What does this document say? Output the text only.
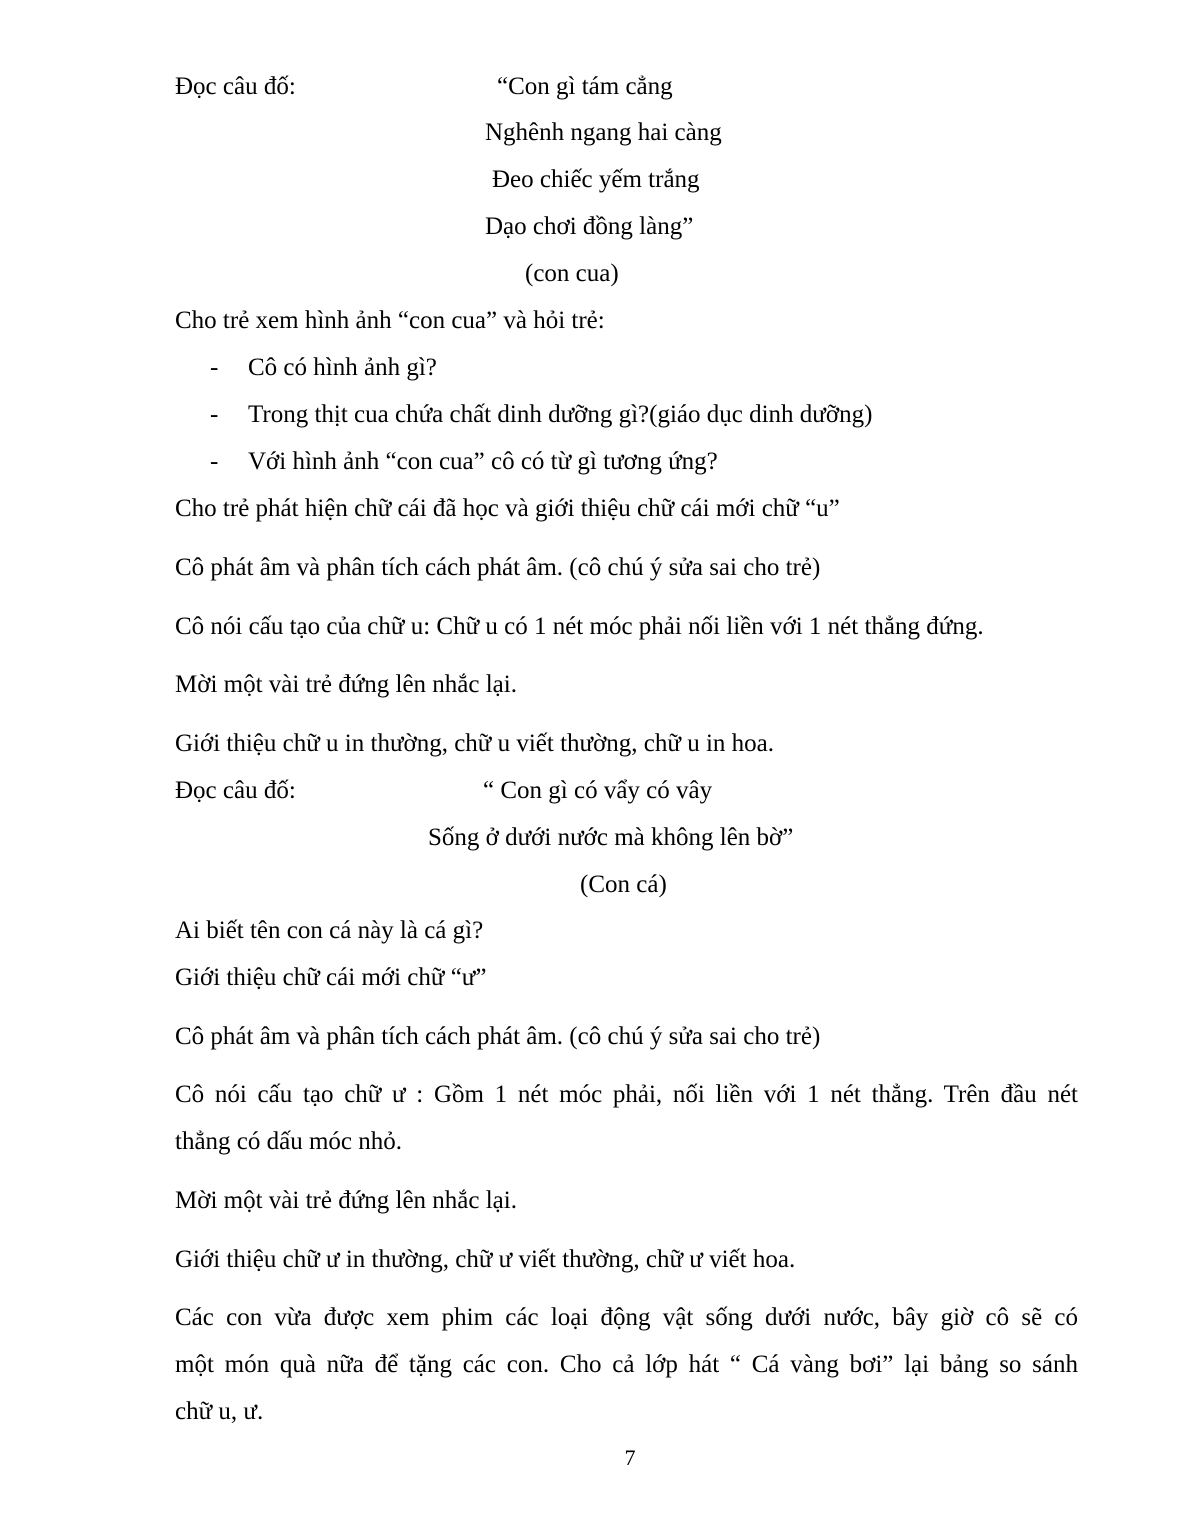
Đọc câu đố:	“Con gì tám cẳng
Nghênh ngang hai càng
Đeo chiếc yếm trắng
Dạo chơi đồng làng”
(con cua)
Cho trẻ xem hình ảnh “con cua” và hỏi trẻ:
- Cô có hình ảnh gì?
- Trong thịt cua chứa chất dinh dưỡng gì?(giáo dục dinh dưỡng)
- Với hình ảnh “con cua” cô có từ gì tương ứng?
Cho trẻ phát hiện chữ cái đã học và giới thiệu chữ cái mới chữ “u”
Cô phát âm và phân tích cách phát âm. (cô chú ý sửa sai cho trẻ)
Cô nói cấu tạo của chữ u: Chữ u có 1 nét móc phải nối liền với 1 nét thẳng đứng.
Mời một vài trẻ đứng lên nhắc lại.
Giới thiệu chữ u in thường, chữ u viết thường, chữ u in hoa.
Đọc câu đố:	“ Con gì có vẩy có vây
Sống ở dưới nước mà không lên bờ”
(Con cá)
Ai biết tên con cá này là cá gì?
Giới thiệu chữ cái mới chữ “ư”
Cô phát âm và phân tích cách phát âm. (cô chú ý sửa sai cho trẻ)
Cô nói cấu tạo chữ ư : Gồm 1 nét móc phải, nối liền với 1 nét thẳng. Trên đầu nét
thẳng có dấu móc nhỏ.
Mời một vài trẻ đứng lên nhắc lại.
Giới thiệu chữ ư in thường, chữ ư viết thường, chữ ư viết hoa.
Các con vừa được xem phim các loại động vật sống dưới nước, bây giờ cô sẽ có
một món quà nữa để tặng các con. Cho cả lớp hát “ Cá vàng bơi” lại bảng so sánh
chữ u, ư.
7
